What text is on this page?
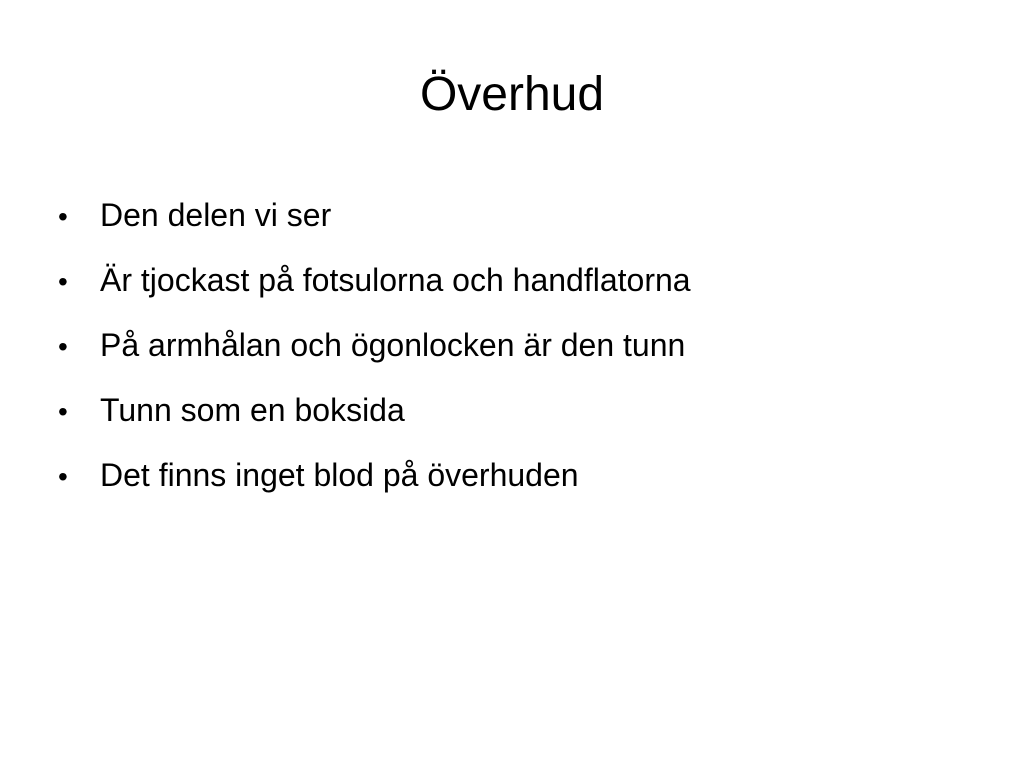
Överhud
•	Den delen vi ser
•	Är tjockast på fotsulorna och handflatorna
•	På armhålan och ögonlocken är den tunn
•	Tunn som en boksida
•	Det finns inget blod på överhuden
